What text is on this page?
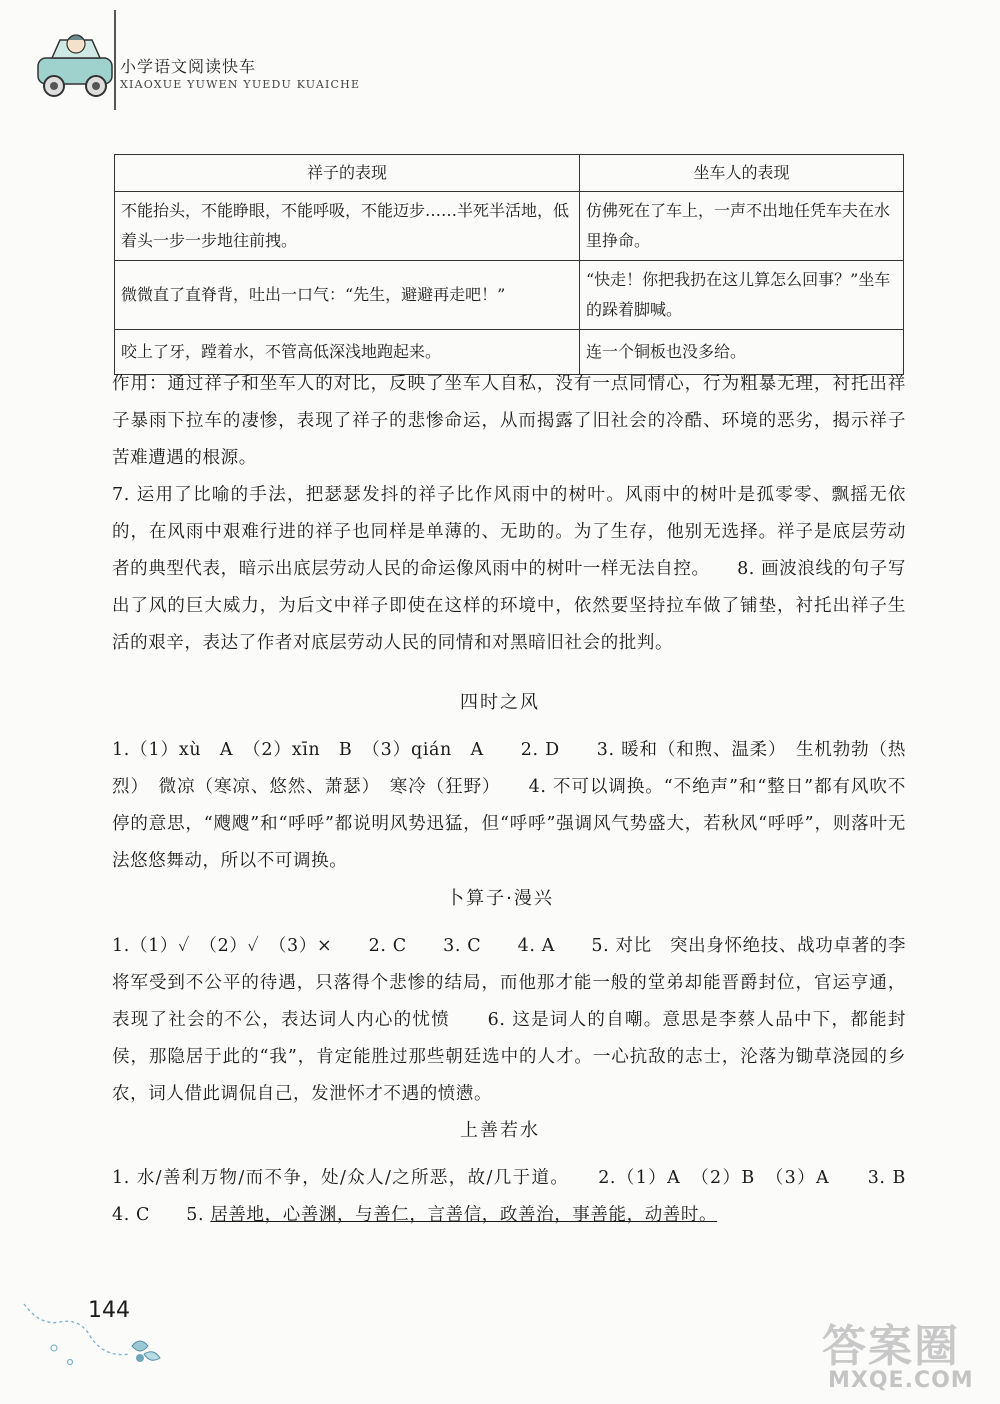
小学语文阅读快车
XIAOXUE YUWEN YUEDU KUAICHE
祥子的表现	坐车人的表现
不能抬头，不能睁眼，不能呼吸，不能迈步……半死半活地，低着头一步一步地往前拽。	仿佛死在了车上，一声不出地任凭车夫在水里挣命。
微微直了直脊背，吐出一口气：“先生，避避再走吧！”	“快走！你把我扔在这儿算怎么回事？”坐车的跺着脚喊。
咬上了牙，蹚着水，不管高低深浅地跑起来。	连一个铜板也没多给。

作用：通过祥子和坐车人的对比，反映了坐车人自私，没有一点同情心，行为粗暴无理，衬托出祥子暴雨下拉车的凄惨，表现了祥子的悲惨命运，从而揭露了旧社会的冷酷、环境的恶劣，揭示祥子苦难遭遇的根源。

7. 运用了比喻的手法，把瑟瑟发抖的祥子比作风雨中的树叶。风雨中的树叶是孤零零、飘摇无依的，在风雨中艰难行进的祥子也同样是单薄的、无助的。为了生存，他别无选择。祥子是底层劳动者的典型代表，暗示出底层劳动人民的命运像风雨中的树叶一样无法自控。　　8. 画波浪线的句子写出了风的巨大威力，为后文中祥子即使在这样的环境中，依然要坚持拉车做了铺垫，衬托出祥子生活的艰辛，表达了作者对底层劳动人民的同情和对黑暗旧社会的批判。

四时之风

1.（1）xù　A　（2）xīn　B　（3）qián　A　　2. D　　3. 暖和（和煦、温柔）　生机勃勃（热烈）　微凉（寒凉、悠然、萧瑟）　寒冷（狂野）　　4. 不可以调换。“不绝声”和“整日”都有风吹不停的意思，“飕飕”和“呼呼”都说明风势迅猛，但“呼呼”强调风气势盛大，若秋风“呼呼”，则落叶无法悠悠舞动，所以不可调换。

卜算子·漫兴

1.（1）✓　（2）✓　（3）×　　2. C　　3. C　　4. A　　5. 对比　突出身怀绝技、战功卓著的李将军受到不公平的待遇，只落得个悲惨的结局，而他那才能一般的堂弟却能晋爵封位，官运亨通，表现了社会的不公，表达词人内心的忧愤　　6. 这是词人的自嘲。意思是李蔡人品中下，都能封侯，那隐居于此的“我”，肯定能胜过那些朝廷选中的人才。一心抗敌的志士，沦落为锄草浇园的乡农，词人借此调侃自己，发泄怀才不遇的愤懑。

上善若水

1. 水/善利万物/而不争，处/众人/之所恶，故/几于道。　　2.（1）A　（2）B　（3）A　　3. B　4. C　　5. 居善地，心善渊，与善仁，言善信，政善治，事善能，动善时。

144
答案圈
MXQE.COM
